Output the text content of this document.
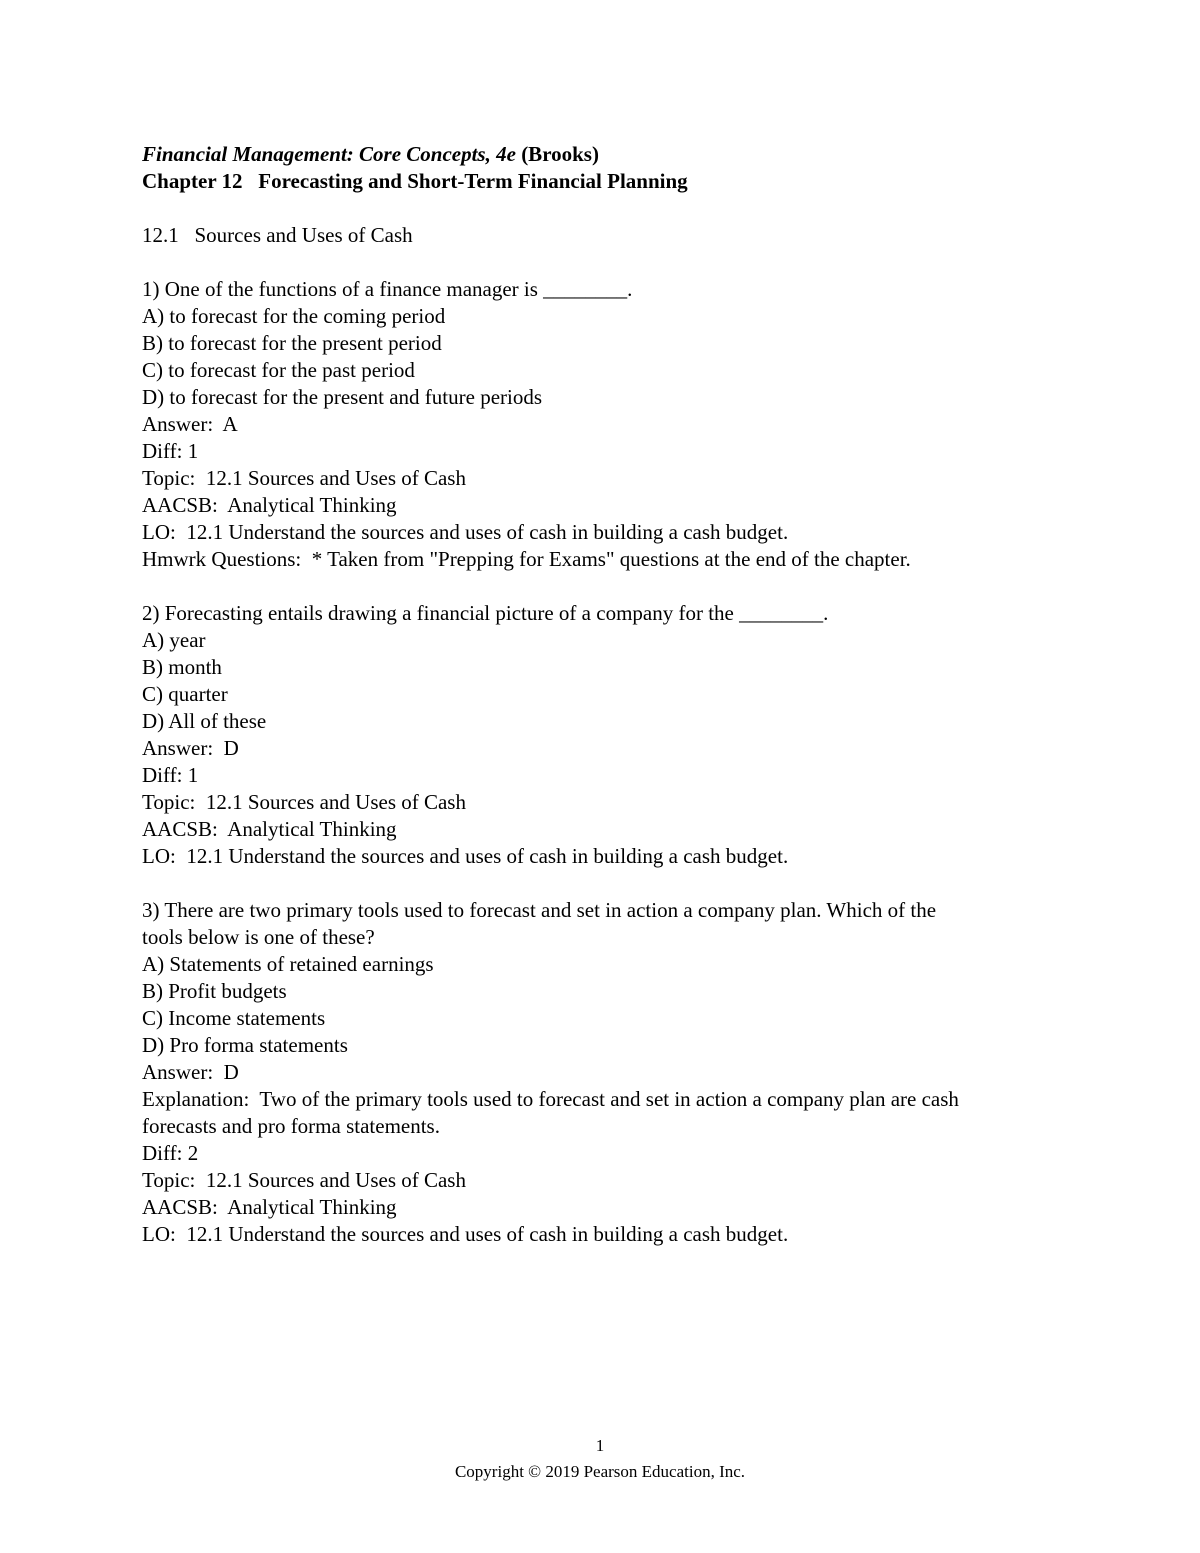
Financial Management: Core Concepts, 4e (Brooks)
Chapter 12   Forecasting and Short-Term Financial Planning
12.1   Sources and Uses of Cash
1) One of the functions of a finance manager is ________.
A) to forecast for the coming period
B) to forecast for the present period
C) to forecast for the past period
D) to forecast for the present and future periods
Answer:  A
Diff: 1
Topic:  12.1 Sources and Uses of Cash
AACSB:  Analytical Thinking
LO:  12.1 Understand the sources and uses of cash in building a cash budget.
Hmwrk Questions:  * Taken from "Prepping for Exams" questions at the end of the chapter.
2) Forecasting entails drawing a financial picture of a company for the ________.
A) year
B) month
C) quarter
D) All of these
Answer:  D
Diff: 1
Topic:  12.1 Sources and Uses of Cash
AACSB:  Analytical Thinking
LO:  12.1 Understand the sources and uses of cash in building a cash budget.
3) There are two primary tools used to forecast and set in action a company plan. Which of the
tools below is one of these?
A) Statements of retained earnings
B) Profit budgets
C) Income statements
D) Pro forma statements
Answer:  D
Explanation:  Two of the primary tools used to forecast and set in action a company plan are cash
forecasts and pro forma statements.
Diff: 2
Topic:  12.1 Sources and Uses of Cash
AACSB:  Analytical Thinking
LO:  12.1 Understand the sources and uses of cash in building a cash budget.
1
Copyright © 2019 Pearson Education, Inc.
